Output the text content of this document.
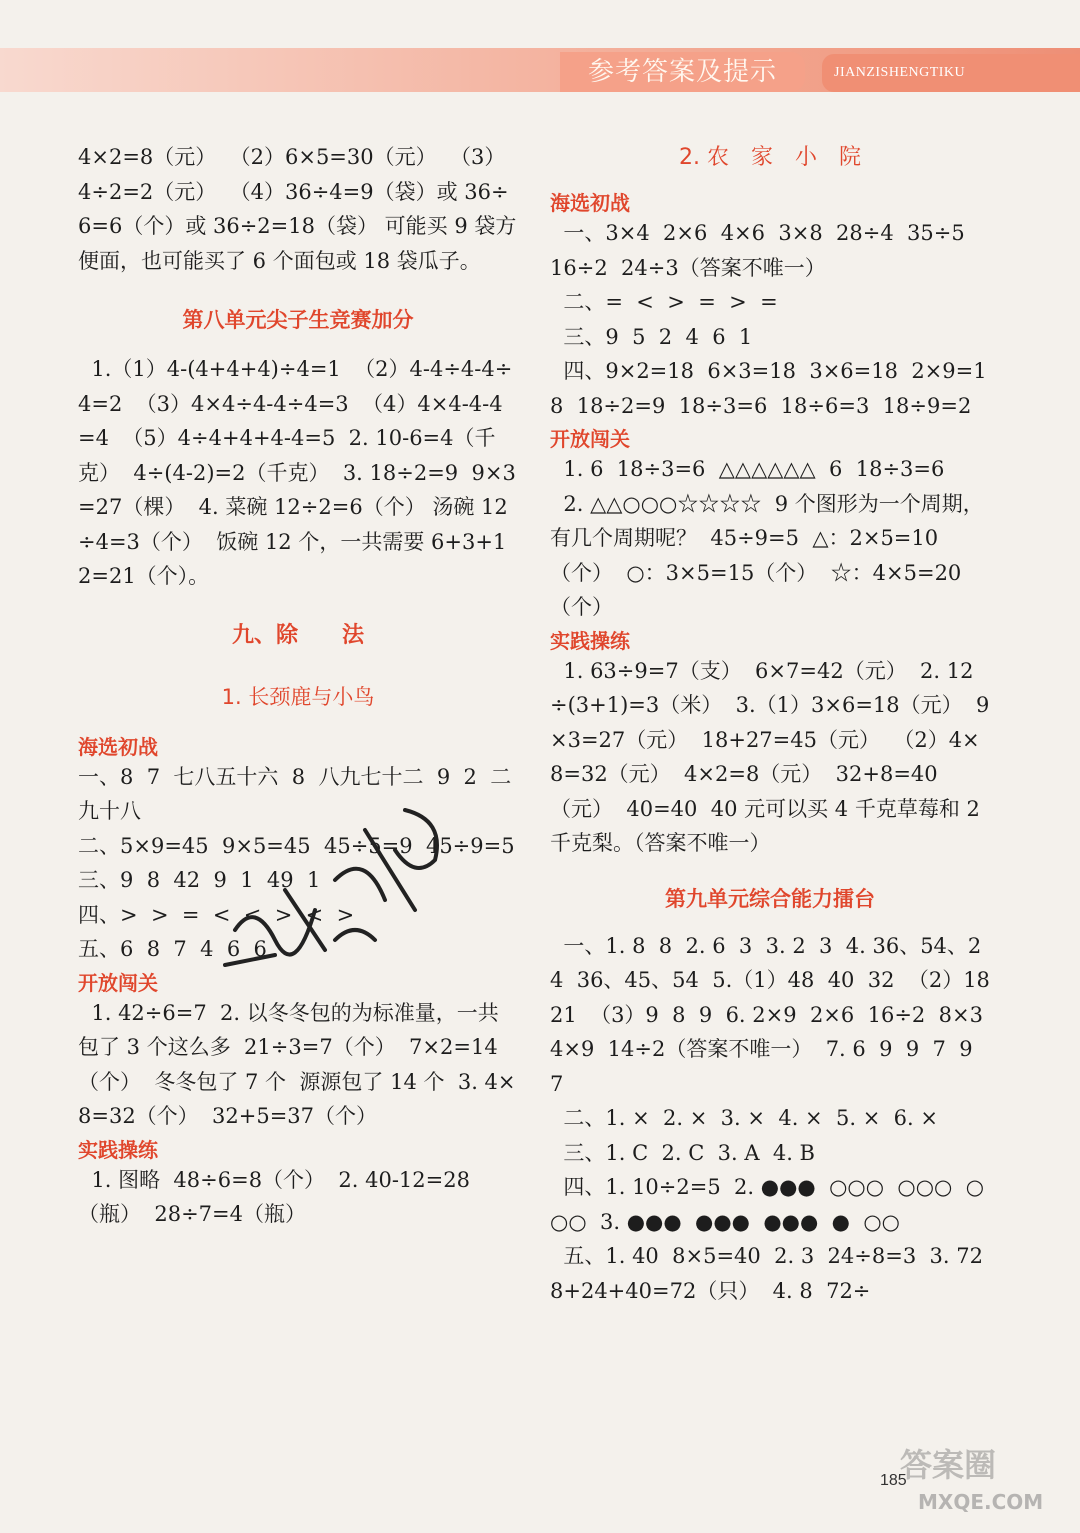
参考答案及提示	JIANZISHENGTIKU

4×2=8（元）  （2）6×5=30（元）  （3）4÷2=2（元）  （4）36÷4=9（袋）或 36÷6=6（个）或 36÷2=18（袋） 可能买 9 袋方便面，也可能买了 6 个面包或 18 袋瓜子。

第八单元尖子生竞赛加分

1.（1）4-(4+4+4)÷4=1  （2）4-4÷4-4÷4=2  （3）4×4÷4-4÷4=3  （4）4×4-4-4=4  （5）4÷4+4+4-4=5  2. 10-6=4（千克）  4÷(4-2)=2（千克）  3. 18÷2=9  9×3=27（棵）  4. 菜碗 12÷2=6（个） 汤碗 12÷4=3（个）  饭碗 12 个，一共需要 6+3+12=21（个）。

九、除　　法

1. 长颈鹿与小鸟

海选初战

一、8  7  七八五十六  8  八九七十二  9  2  二九十八

二、5×9=45  9×5=45  45÷5=9  45÷9=5

三、9  8  42  9  1  49  1

四、>  >  =  <  <  >  <  >

五、6  8  7  4  6  6

开放闯关

1. 42÷6=7  2. 以冬冬包的为标准量，一共包了 3 个这么多  21÷3=7（个）  7×2=14（个）  冬冬包了 7 个  源源包了 14 个  3. 4×8=32（个）  32+5=37（个）

实践操练

1. 图略  48÷6=8（个）  2. 40-12=28（瓶）  28÷7=4（瓶）

2. 农　家　小　院

海选初战

一、3×4  2×6  4×6  3×8  28÷4  35÷5  16÷2  24÷3（答案不唯一）

二、=  <  >  =  >  =

三、9  5  2  4  6  1

四、9×2=18  6×3=18  3×6=18  2×9=18  18÷2=9  18÷3=6  18÷6=3  18÷9=2

开放闯关

1. 6  18÷3=6  △△△△△△  6  18÷3=6
2. △△○○○☆☆☆☆  9 个图形为一个周期，有几个周期呢？  45÷9=5  △：2×5=10（个）  ○：3×5=15（个）  ☆：4×5=20（个）

实践操练

1. 63÷9=7（支）  6×7=42（元）  2. 12÷(3+1)=3（米）  3.（1）3×6=18（元）  9×3=27（元）  18+27=45（元）  （2）4×8=32（元）  4×2=8（元）  32+8=40（元）  40=40  40 元可以买 4 千克草莓和 2 千克梨。（答案不唯一）

第九单元综合能力擂台

一、1. 8  8  2. 6  3  3. 2  3  4. 36、54、24  36、45、54  5.（1）48  40  32  （2）18  21  （3）9  8  9  6. 2×9  2×6  16÷2  8×3  4×9  14÷2（答案不唯一）  7. 6  9  9  7  9  7

二、1. ×  2. ×  3. ×  4. ×  5. ×  6. ×

三、1. C  2. C  3. A  4. B

四、1. 10÷2=5  2. ●●●  ○○○  ○○○  ○○○  3. ●●●  ●●●  ●●●  ●  ○○

五、1. 40  8×5=40  2. 3  24÷8=3  3. 72  8+24+40=72（只）  4. 8  72÷

185
答案圈
MXQE.COM
